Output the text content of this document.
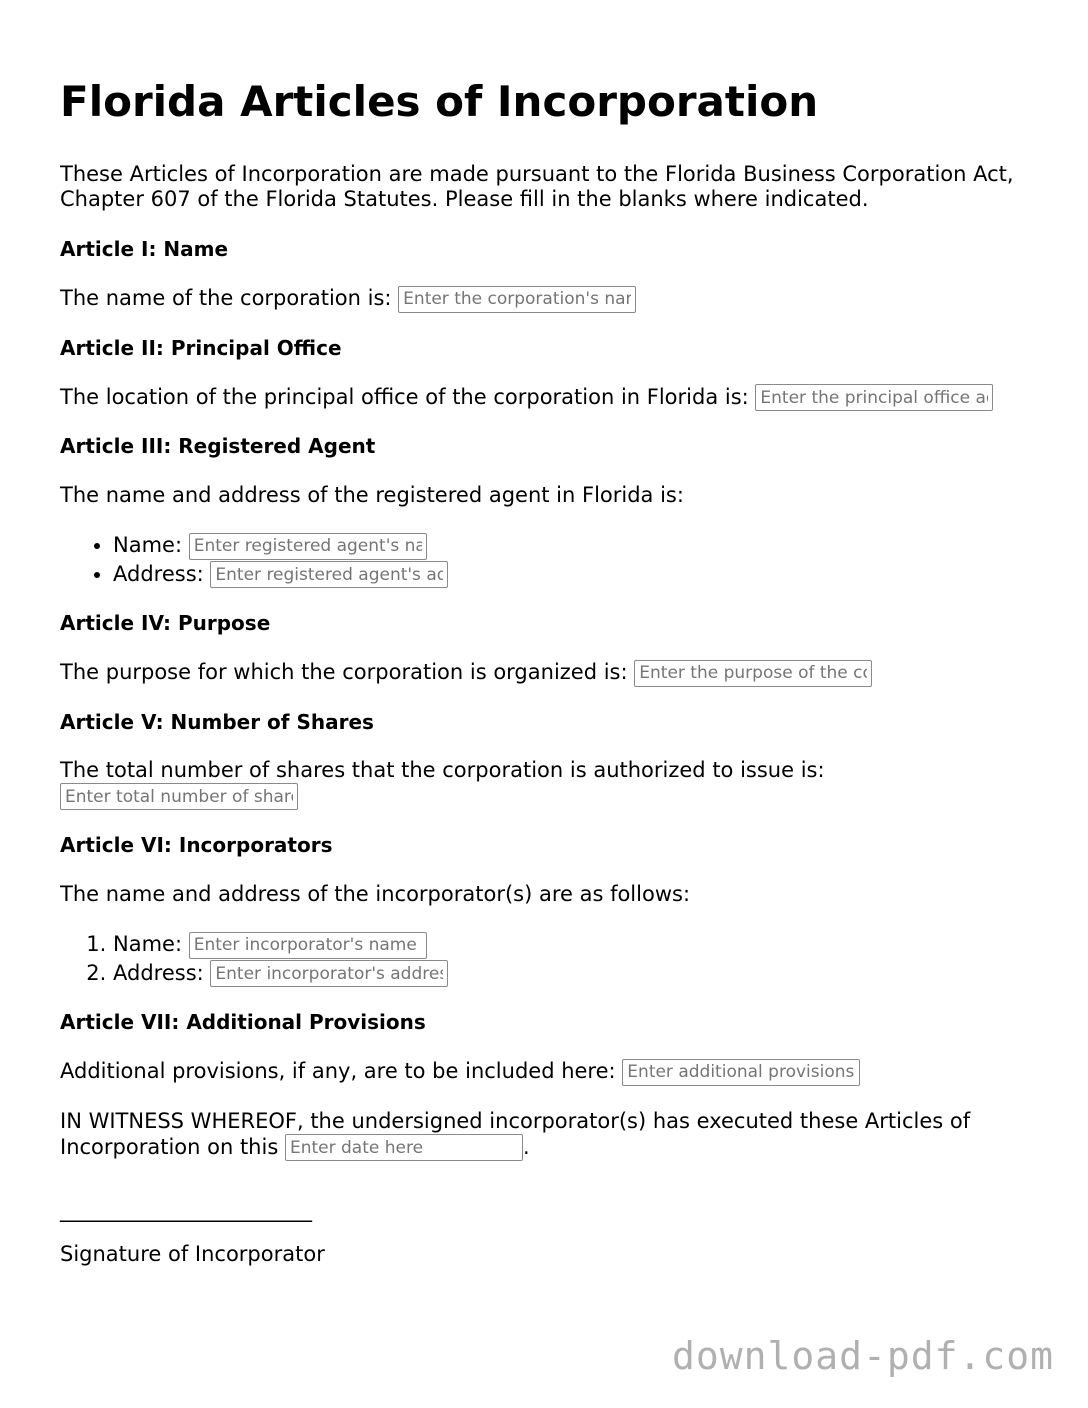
Florida Articles of Incorporation

These Articles of Incorporation are made pursuant to the Florida Business Corporation Act, Chapter 607 of the Florida Statutes. Please fill in the blanks where indicated.

Article I: Name
The name of the corporation is: Enter the corporation's name
Article II: Principal Office
The location of the principal office of the corporation in Florida is: Enter the principal office address
Article III: Registered Agent
The name and address of the registered agent in Florida is:
• Name: Enter registered agent's name
• Address: Enter registered agent's address
Article IV: Purpose
The purpose for which the corporation is organized is: Enter the purpose of the corporation
Article V: Number of Shares
The total number of shares that the corporation is authorized to issue is:
Enter total number of shares
Article VI: Incorporators
The name and address of the incorporator(s) are as follows:
1. Name: Enter incorporator's name
2. Address: Enter incorporator's address
Article VII: Additional Provisions
Additional provisions, if any, are to be included here: Enter additional provisions
IN WITNESS WHEREOF, the undersigned incorporator(s) has executed these Articles of Incorporation on this Enter date here	.
________________________
Signature of Incorporator
download-pdf.com
